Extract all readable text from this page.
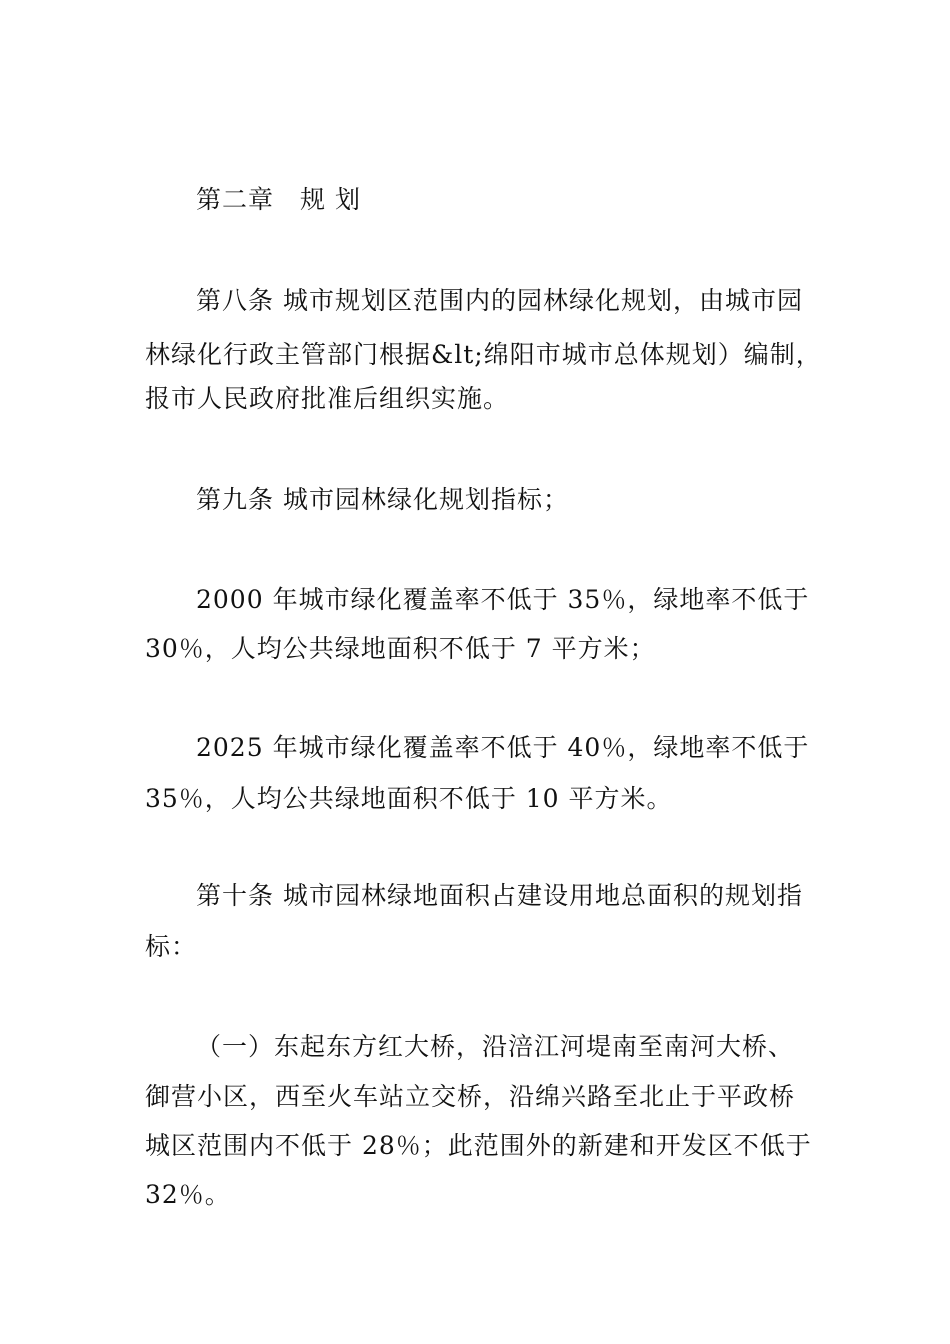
第二章　规 划
第八条 城市规划区范围内的园林绿化规划，由城市园
林绿化行政主管部门根据&lt;绵阳市城市总体规划）编制，
报市人民政府批准后组织实施。
第九条 城市园林绿化规划指标；
2000 年城市绿化覆盖率不低于 35％，绿地率不低于
30％，人均公共绿地面积不低于 7 平方米；
2025 年城市绿化覆盖率不低于 40％，绿地率不低于
35％，人均公共绿地面积不低于 10 平方米。
第十条 城市园林绿地面积占建设用地总面积的规划指
标：
（一）东起东方红大桥，沿涪江河堤南至南河大桥、
御营小区，西至火车站立交桥，沿绵兴路至北止于平政桥
城区范围内不低于 28％；此范围外的新建和开发区不低于
32％。
